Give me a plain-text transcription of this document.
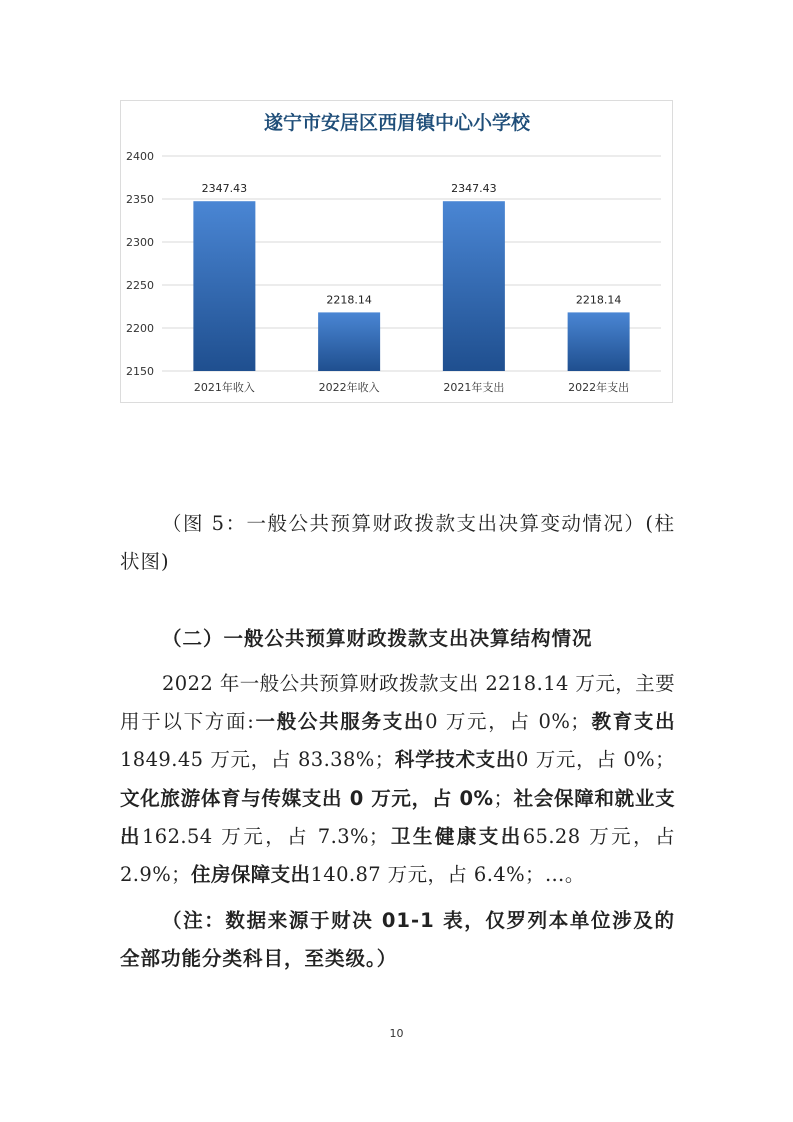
遂宁市安居区西眉镇中心小学校
2150
2200
2250
2300
2350
2400
2347.43
2218.14
2347.43
2218.14
2021年收入	2022年收入	2021年支出	2022年支出
（图 5：一般公共预算财政拨款支出决算变动情况）(柱状图)
（二）一般公共预算财政拨款支出决算结构情况
2022 年一般公共预算财政拨款支出 2218.14 万元，主要用于以下方面:一般公共服务支出0 万元，占 0%；教育支出1849.45 万元，占 83.38%；科学技术支出0 万元，占 0%；文化旅游体育与传媒支出 0 万元，占 0%；社会保障和就业支出162.54 万元，占 7.3%；卫生健康支出65.28 万元，占 2.9%；住房保障支出140.87 万元，占 6.4%；…。
（注：数据来源于财决 01-1 表，仅罗列本单位涉及的全部功能分类科目，至类级。）
10
